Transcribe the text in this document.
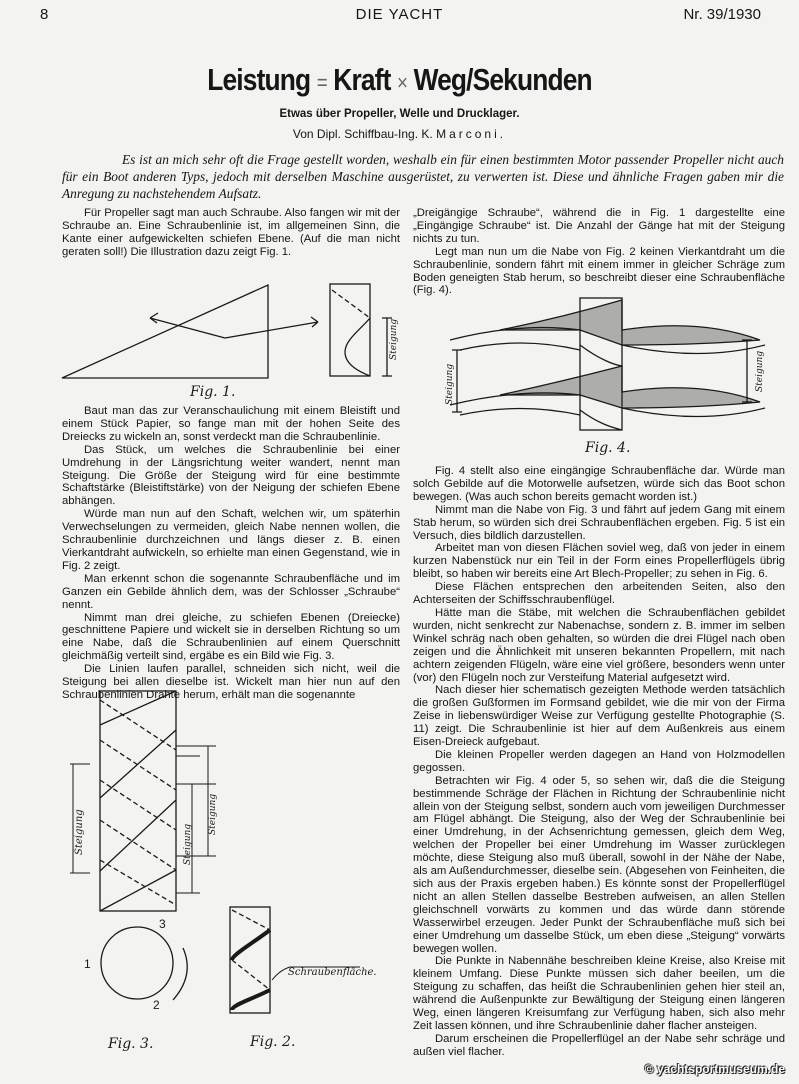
8	DIE YACHT	Nr. 39/1930
Leistung = Kraft × Weg/Sekunden
Etwas über Propeller, Welle und Drucklager.
Von Dipl. Schiffbau-Ing. K. Marconi.
Es ist an mich sehr oft die Frage gestellt worden, weshalb ein für einen bestimmten Motor passender Propeller nicht auch für ein Boot anderen Typs, jedoch mit derselben Maschine ausgerüstet, zu verwerten ist. Diese und ähnliche Fragen gaben mir die Anregung zu nachstehendem Aufsatz.

Für Propeller sagt man auch Schraube. Also fangen wir mit der Schraube an. Eine Schraubenlinie ist, im allgemeinen Sinn, die Kante einer aufgewickelten schiefen Ebene. (Auf die man nicht geraten soll!) Die Illustration dazu zeigt Fig. 1.

Baut man das zur Veranschaulichung mit einem Bleistift und einem Stück Papier, so fange man mit der hohen Seite des Dreiecks zu wickeln an, sonst verdeckt man die Schraubenlinie.

Das Stück, um welches die Schraubenlinie bei einer Umdrehung in der Längsrichtung weiter wandert, nennt man Steigung. Die Größe der Steigung wird für eine bestimmte Schaftstärke (Bleistiftstärke) von der Neigung der schiefen Ebene abhängen.

Würde man nun auf den Schaft, welchen wir, um späterhin Verwechselungen zu vermeiden, gleich Nabe nennen wollen, die Schraubenlinie durchzeichnen und längs dieser z. B. einen Vierkantdraht aufwickeln, so erhielte man einen Gegenstand, wie in Fig. 2 zeigt.

Man erkennt schon die sogenannte Schraubenfläche und im Ganzen ein Gebilde ähnlich dem, was der Schlosser „Schraube“ nennt.

Nimmt man drei gleiche, zu schiefen Ebenen (Dreiecke) geschnittene Papiere und wickelt sie in derselben Richtung so um eine Nabe, daß die Schraubenlinien auf einem Querschnitt gleichmäßig verteilt sind, ergäbe es ein Bild wie Fig. 3.

Die Linien laufen parallel, schneiden sich nicht, weil die Steigung bei allen dieselbe ist. Wickelt man hier nun auf den Schraubenlinien Drähte herum, erhält man die sogenannte

„Dreigängige Schraube“, während die in Fig. 1 dargestellte eine „Eingängige Schraube“ ist. Die Anzahl der Gänge hat mit der Steigung nichts zu tun.

Legt man nun um die Nabe von Fig. 2 keinen Vierkantdraht um die Schraubenlinie, sondern fährt mit einem immer in gleicher Schräge zum Boden geneigten Stab herum, so beschreibt dieser eine Schraubenfläche (Fig. 4).

Fig. 4 stellt also eine eingängige Schraubenfläche dar. Würde man solch Gebilde auf die Motorwelle aufsetzen, würde sich das Boot schon bewegen. (Was auch schon bereits gemacht worden ist.)

Nimmt man die Nabe von Fig. 3 und fährt auf jedem Gang mit einem Stab herum, so würden sich drei Schraubenflächen ergeben. Fig. 5 ist ein Versuch, dies bildlich darzustellen.

Arbeitet man von diesen Flächen soviel weg, daß von jeder in einem kurzen Nabenstück nur ein Teil in der Form eines Propellerflügels übrig bleibt, so haben wir bereits eine Art Blech-Propeller; zu sehen in Fig. 6.

Diese Flächen entsprechen den arbeitenden Seiten, also den Achterseiten der Schiffsschraubenflügel.

Hätte man die Stäbe, mit welchen die Schraubenflächen gebildet wurden, nicht senkrecht zur Nabenachse, sondern z. B. immer im selben Winkel schräg nach oben gehalten, so würden die drei Flügel nach oben zeigen und die Ähnlichkeit mit unseren bekannten Propellern, mit nach achtern zeigenden Flügeln, wäre eine viel größere, besonders wenn unter (vor) den Flügeln noch zur Versteifung Material aufgesetzt wird.

Nach dieser hier schematisch gezeigten Methode werden tatsächlich die großen Gußformen im Formsand gebildet, wie die mir von der Firma Zeise in liebenswürdiger Weise zur Verfügung gestellte Photographie (S. 11) zeigt. Die Schraubenlinie ist hier auf dem Außenkreis aus einem Eisen-Dreieck aufgebaut.

Die kleinen Propeller werden dagegen an Hand von Holzmodellen gegossen.

Betrachten wir Fig. 4 oder 5, so sehen wir, daß die die Steigung bestimmende Schräge der Flächen in Richtung der Schraubenlinie nicht allein von der Steigung selbst, sondern auch vom jeweiligen Durchmesser am Flügel abhängt. Die Steigung, also der Weg der Schraubenlinie bei einer Umdrehung, in der Achsenrichtung gemessen, gleich dem Weg, welchen der Propeller bei einer Umdrehung im Wasser zurücklegen möchte, diese Steigung also muß überall, sowohl in der Nähe der Nabe, als am Außendurchmesser, dieselbe sein. (Abgesehen von Feinheiten, die sich aus der Praxis ergeben haben.) Es könnte sonst der Propellerflügel nicht an allen Stellen dasselbe Bestreben aufweisen, an allen Stellen gleichschnell vorwärts zu kommen und das würde dann störende Wasserwirbel erzeugen. Jeder Punkt der Schraubenfläche muß sich bei einer Umdrehung um dasselbe Stück, um eben diese „Steigung“ vorwärts bewegen wollen.

Die Punkte in Nabennähe beschreiben kleine Kreise, also Kreise mit kleinem Umfang. Diese Punkte müssen sich daher beeilen, um die Steigung zu schaffen, das heißt die Schraubenlinien gehen hier steil an, während die Außenpunkte zur Bewältigung der Steigung einen längeren Weg, einen längeren Kreisumfang zur Verfügung haben, sich also mehr Zeit lassen können, und ihre Schraubenlinie daher flacher ansteigen.

Darum erscheinen die Propellerflügel an der Nabe sehr schräge und außen viel flacher.

Steigung
Fig. 1.	Steigung
Steigung
Fig. 4.
Steigung	Steigung
Steigung
1
2
3
Fig. 3.
Schraubenfläche.
Fig. 2.
© yachtsportmuseum.de
